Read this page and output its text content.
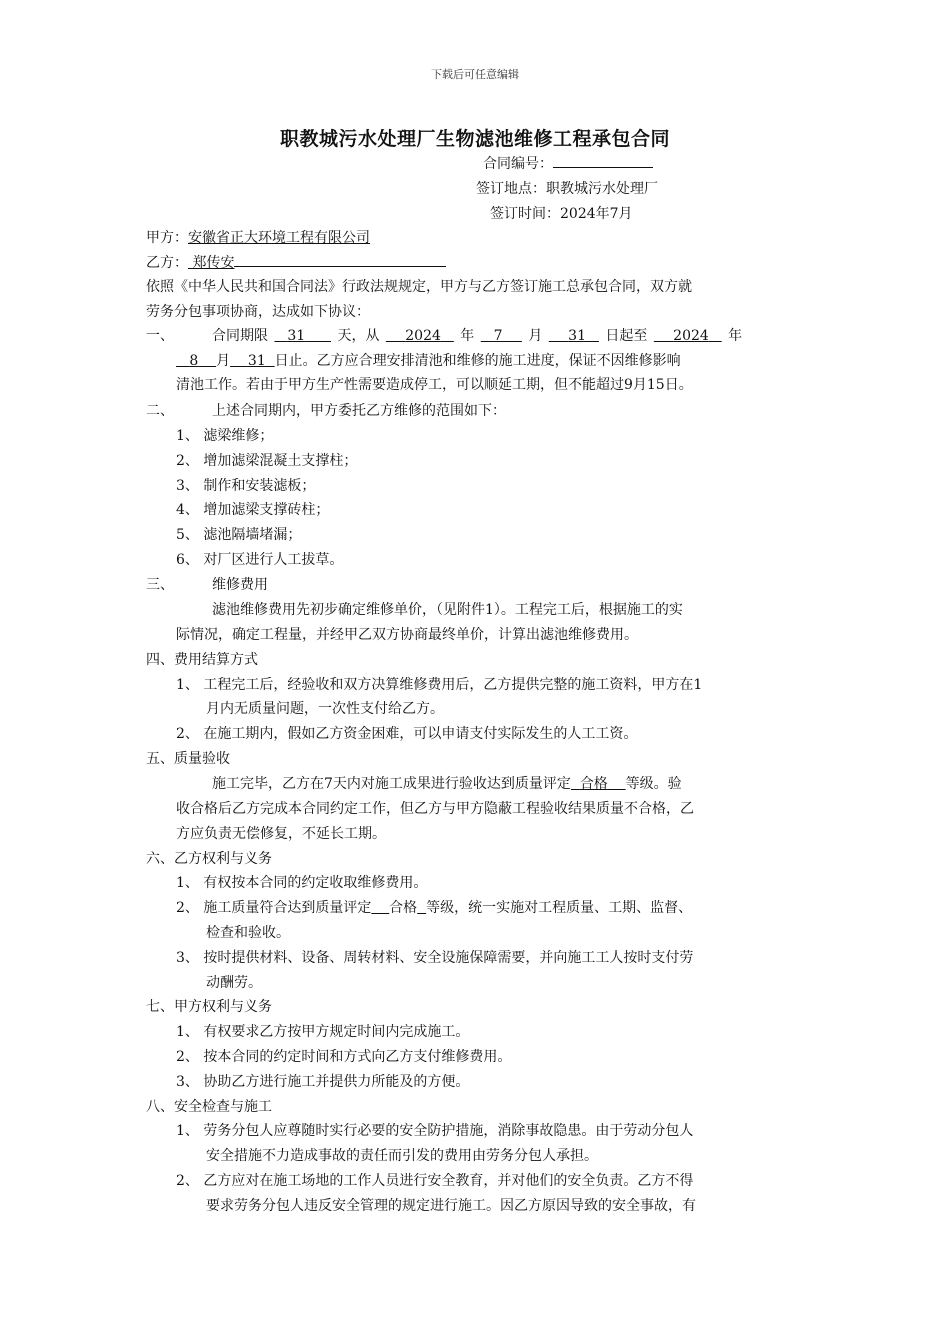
下载后可任意编辑
职教城污水处理厂生物滤池维修工程承包合同
合同编号：
签订地点：职教城污水处理厂
签订时间：2024年7月
甲方：安徽省正大环境工程有限公司
乙方： 郑传安
依照《中华人民共和国合同法》行政法规规定，甲方与乙方签订施工总承包合同，双方就
劳务分包事项协商，达成如下协议：
一、	合同期限 31 天，从 2024 年 7 月 31 日起至 2024 年
8 月 31 日止。乙方应合理安排清池和维修的施工进度，保证不因维修影响
清池工作。若由于甲方生产性需要造成停工，可以顺延工期，但不能超过9月15日。
二、	上述合同期内，甲方委托乙方维修的范围如下：
1、 滤梁维修；
2、 增加滤梁混凝土支撑柱；
3、 制作和安装滤板；
4、 增加滤梁支撑砖柱；
5、 滤池隔墙堵漏；
6、 对厂区进行人工拔草。
三、	维修费用
滤池维修费用先初步确定维修单价，（见附件1）。工程完工后，根据施工的实
际情况，确定工程量，并经甲乙双方协商最终单价，计算出滤池维修费用。
四、费用结算方式
1、 工程完工后，经验收和双方决算维修费用后，乙方提供完整的施工资料，甲方在1
月内无质量问题，一次性支付给乙方。
2、 在施工期内，假如乙方资金困难，可以申请支付实际发生的人工工资。
五、质量验收
施工完毕，乙方在7天内对施工成果进行验收达到质量评定 合格 等级。验
收合格后乙方完成本合同约定工作，但乙方与甲方隐蔽工程验收结果质量不合格，乙
方应负责无偿修复，不延长工期。
六、乙方权利与义务
1、 有权按本合同的约定收取维修费用。
2、 施工质量符合达到质量评定 合格 等级，统一实施对工程质量、工期、监督、
检查和验收。
3、 按时提供材料、设备、周转材料、安全设施保障需要，并向施工工人按时支付劳
动酬劳。
七、甲方权利与义务
1、 有权要求乙方按甲方规定时间内完成施工。
2、 按本合同的约定时间和方式向乙方支付维修费用。
3、 协助乙方进行施工并提供力所能及的方便。
八、安全检查与施工
1、 劳务分包人应尊随时实行必要的安全防护措施，消除事故隐患。由于劳动分包人
安全措施不力造成事故的责任而引发的费用由劳务分包人承担。
2、 乙方应对在施工场地的工作人员进行安全教育，并对他们的安全负责。乙方不得
要求劳务分包人违反安全管理的规定进行施工。因乙方原因导致的安全事故，有
